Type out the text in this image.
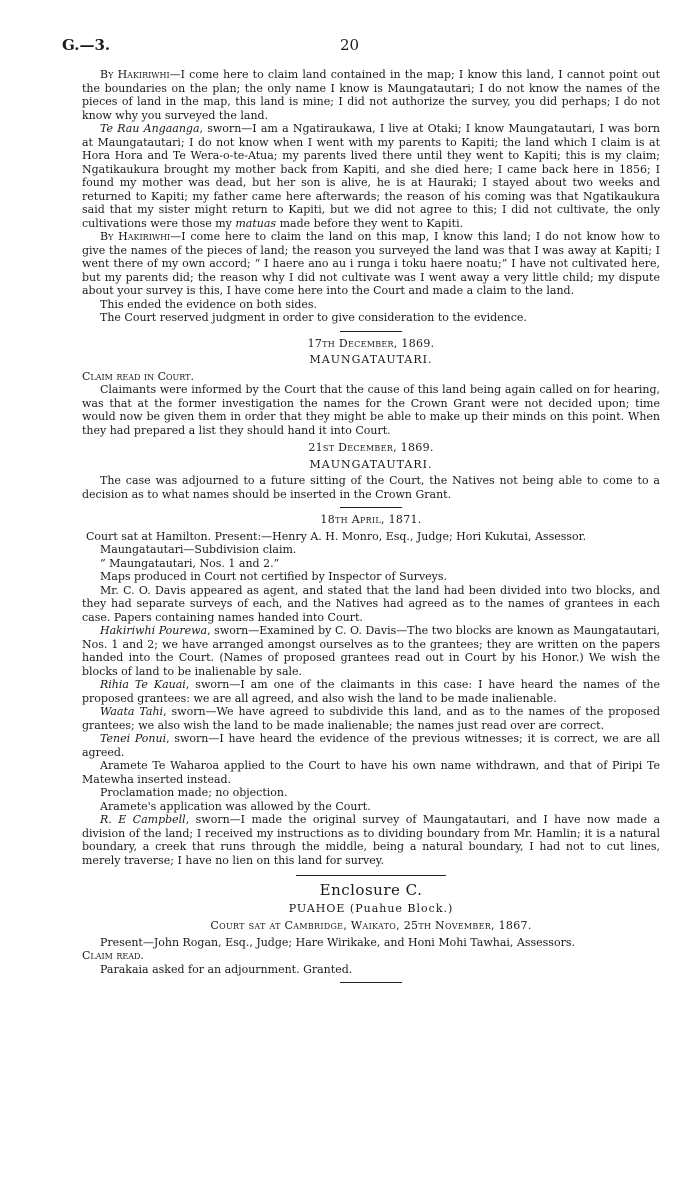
G.—3.	20

By Hakiriwhi—I come here to claim land contained in the map; I know this land, I cannot point out the boundaries on the plan; the only name I know is Maungatautari; I do not know the names of the pieces of land in the map, this land is mine; I did not authorize the survey, you did perhaps; I do not know why you surveyed the land.

Te Rau Angaanga, sworn—I am a Ngatiraukawa, I live at Otaki; I know Maungatautari, I was born at Maungatautari; I do not know when I went with my parents to Kapiti; the land which I claim is at Hora Hora and Te Wera-o-te-Atua; my parents lived there until they went to Kapiti; this is my claim; Ngatikaukura brought my mother back from Kapiti, and she died here; I came back here in 1856; I found my mother was dead, but her son is alive, he is at Hauraki; I stayed about two weeks and returned to Kapiti; my father came here afterwards; the reason of his coming was that Ngatikaukura said that my sister might return to Kapiti, but we did not agree to this; I did not cultivate, the only cultivations were those my matuas made before they went to Kapiti.

By Hakiriwhi—I come here to claim the land on this map, I know this land; I do not know how to give the names of the pieces of land; the reason you surveyed the land was that I was away at Kapiti; I went there of my own accord; “ I haere ano au i runga i toku haere noatu;” I have not cultivated here, but my parents did; the reason why I did not cultivate was I went away a very little child; my dispute about your survey is this, I have come here into the Court and made a claim to the land.

This ended the evidence on both sides.

The Court reserved judgment in order to give consideration to the evidence.

17th December, 1869.
MAUNGATAUTARI.

Claim read in Court.

Claimants were informed by the Court that the cause of this land being again called on for hearing, was that at the former investigation the names for the Crown Grant were not decided upon; time would now be given them in order that they might be able to make up their minds on this point. When they had prepared a list they should hand it into Court.

21st December, 1869.
MAUNGATAUTARI.

The case was adjourned to a future sitting of the Court, the Natives not being able to come to a decision as to what names should be inserted in the Crown Grant.

18th April, 1871.

Court sat at Hamilton. Present:—Henry A. H. Monro, Esq., Judge; Hori Kukutai, Assessor.

Maungatautari—Subdivision claim.

“ Maungatautari, Nos. 1 and 2.”

Maps produced in Court not certified by Inspector of Surveys.

Mr. C. O. Davis appeared as agent, and stated that the land had been divided into two blocks, and they had separate surveys of each, and the Natives had agreed as to the names of grantees in each case. Papers containing names handed into Court.

Hakiriwhi Pourewa, sworn—Examined by C. O. Davis—The two blocks are known as Maungatautari, Nos. 1 and 2; we have arranged amongst ourselves as to the grantees; they are written on the papers handed into the Court. (Names of proposed grantees read out in Court by his Honor.) We wish the blocks of land to be inalienable by sale.

Rihia Te Kauai, sworn—I am one of the claimants in this case: I have heard the names of the proposed grantees: we are all agreed, and also wish the land to be made inalienable.

Waata Tahi, sworn—We have agreed to subdivide this land, and as to the names of the proposed grantees; we also wish the land to be made inalienable; the names just read over are correct.

Tenei Ponui, sworn—I have heard the evidence of the previous witnesses; it is correct, we are all agreed.

Aramete Te Waharoa applied to the Court to have his own name withdrawn, and that of Piripi Te Matewha inserted instead.

Proclamation made; no objection.

Aramete's application was allowed by the Court.

R. E Campbell, sworn—I made the original survey of Maungatautari, and I have now made a division of the land; I received my instructions as to dividing boundary from Mr. Hamlin; it is a natural boundary, a creek that runs through the middle, being a natural boundary, I had not to cut lines, merely traverse; I have no lien on this land for survey.

Enclosure C.
PUAHOE (Puahue Block.)
Court sat at Cambridge, Waikato, 25th November, 1867.

Present—John Rogan, Esq., Judge; Hare Wirikake, and Honi Mohi Tawhai, Assessors.

Claim read.

Parakaia asked for an adjournment. Granted.
